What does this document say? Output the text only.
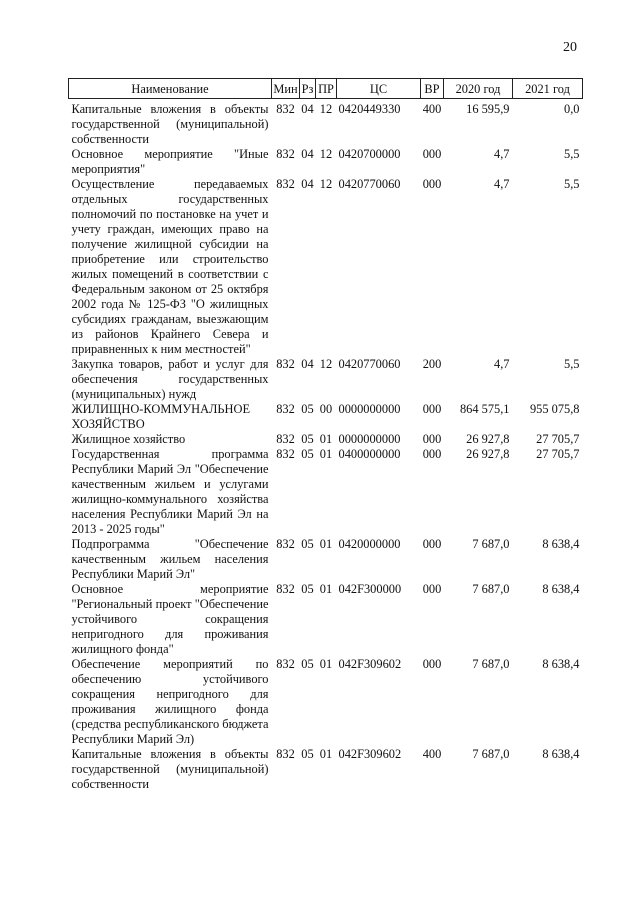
20
Наименование	Мин	Рз	ПР	ЦС	ВР	2020 год	2021 год
Капитальные вложения в объекты государственной (муниципальной) собственности	832	04	12	0420449330	400	16 595,9	0,0
Основное мероприятие "Иные мероприятия"	832	04	12	0420700000	000	4,7	5,5
Осуществление передаваемых отдельных государственных полномочий по постановке на учет и учету граждан, имеющих право на получение жилищной субсидии на приобретение или строительство жилых помещений в соответствии с Федеральным законом от 25 октября 2002 года № 125-ФЗ "О жилищных субсидиях гражданам, выезжающим из районов Крайнего Севера и приравненных к ним местностей"	832	04	12	0420770060	000	4,7	5,5
Закупка товаров, работ и услуг для обеспечения государственных (муниципальных) нужд	832	04	12	0420770060	200	4,7	5,5
ЖИЛИЩНО-КОММУНАЛЬНОЕ ХОЗЯЙСТВО	832	05	00	0000000000	000	864 575,1	955 075,8
Жилищное хозяйство	832	05	01	0000000000	000	26 927,8	27 705,7
Государственная программа Республики Марий Эл "Обеспечение качественным жильем и услугами жилищно-коммунального хозяйства населения Республики Марий Эл на 2013 - 2025 годы"	832	05	01	0400000000	000	26 927,8	27 705,7
Подпрограмма "Обеспечение качественным жильем населения Республики Марий Эл"	832	05	01	0420000000	000	7 687,0	8 638,4
Основное мероприятие "Региональный проект "Обеспечение устойчивого сокращения непригодного для проживания жилищного фонда"	832	05	01	042F300000	000	7 687,0	8 638,4
Обеспечение мероприятий по обеспечению устойчивого сокращения непригодного для проживания жилищного фонда (средства республиканского бюджета Республики Марий Эл)	832	05	01	042F309602	000	7 687,0	8 638,4
Капитальные вложения в объекты государственной (муниципальной) собственности	832	05	01	042F309602	400	7 687,0	8 638,4
